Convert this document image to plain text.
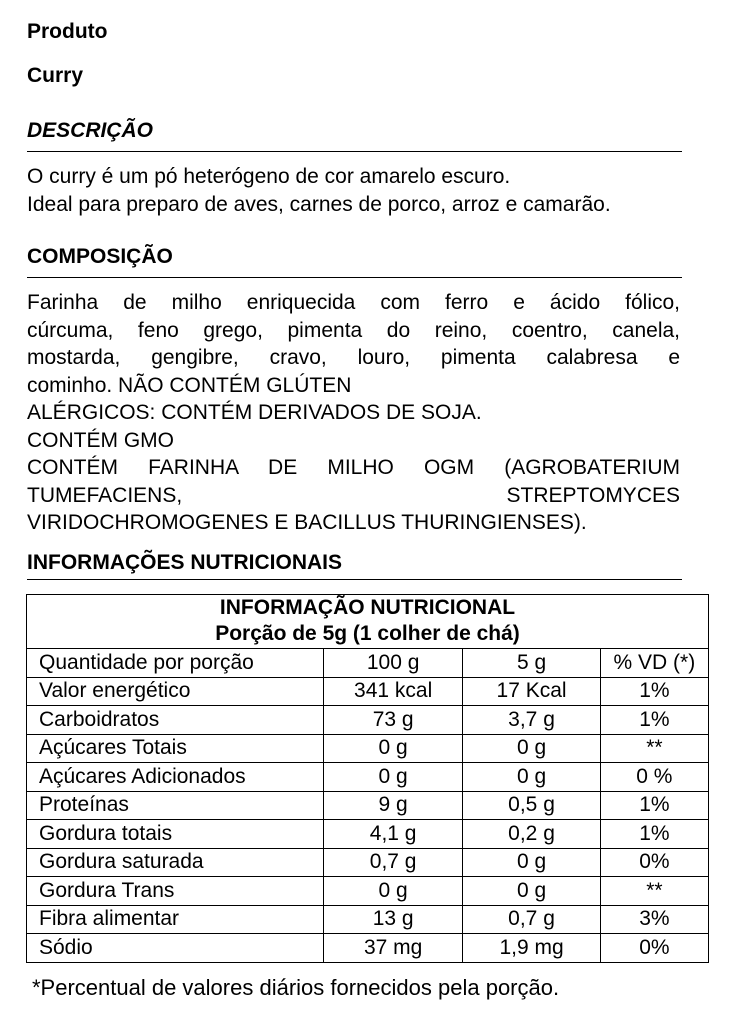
Produto
Curry
DESCRIÇÃO
O curry é um pó heterógeno de cor amarelo escuro.
Ideal para preparo de aves, carnes de porco, arroz e camarão.
COMPOSIÇÃO
Farinha de milho enriquecida com ferro e ácido fólico,
cúrcuma, feno grego, pimenta do reino, coentro, canela,
mostarda, gengibre, cravo, louro, pimenta calabresa e
cominho. NÃO CONTÉM GLÚTEN
ALÉRGICOS: CONTÉM DERIVADOS DE SOJA.
CONTÉM GMO
CONTÉM FARINHA DE MILHO OGM (AGROBATERIUM
TUMEFACIENS, STREPTOMYCES
VIRIDOCHROMOGENES E BACILLUS THURINGIENSES).
INFORMAÇÕES NUTRICIONAIS
INFORMAÇÃO NUTRICIONAL			
Porção de 5g (1 colher de chá)			
Quantidade por porção	100 g	5 g	% VD (*)
Valor energético	341 kcal	17 Kcal	1%
Carboidratos	73 g	3,7 g	1%
Açúcares Totais	0 g	0 g	**
Açúcares Adicionados	0 g	0 g	0 %
Proteínas	9 g	0,5 g	1%
Gordura totais	4,1 g	0,2 g	1%
Gordura saturada	0,7 g	0 g	0%
Gordura Trans	0 g	0 g	**
Fibra alimentar	13 g	0,7 g	3%
Sódio	37 mg	1,9 mg	0%
*Percentual de valores diários fornecidos pela porção.
